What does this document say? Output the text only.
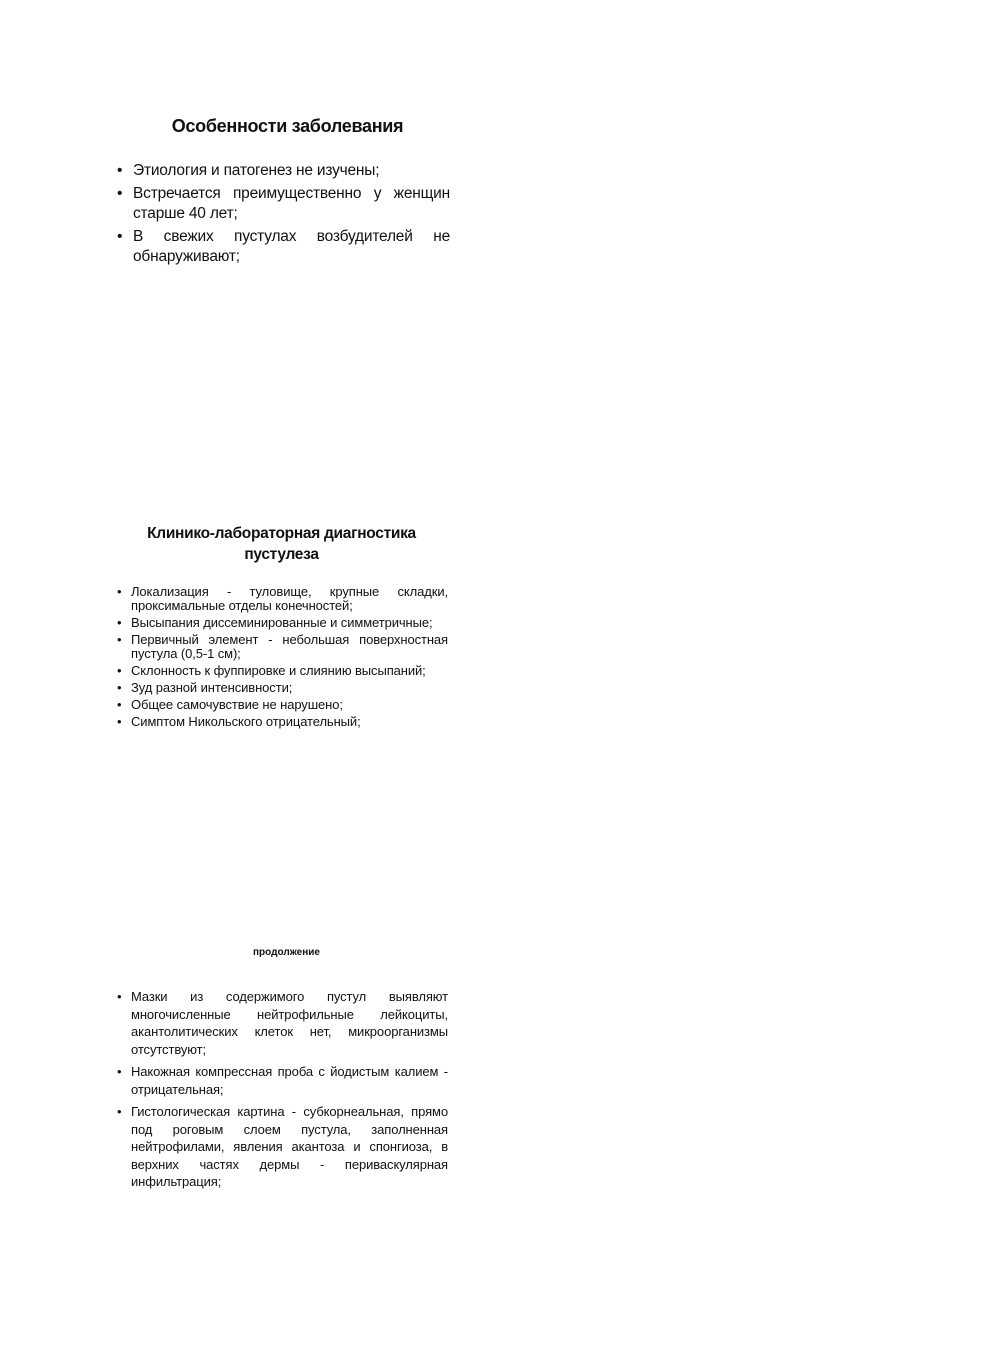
Особенности заболевания
• Этиология и патогенез не изучены;
• Встречается преимущественно у женщин старше 40 лет;
• В свежих пустулах возбудителей не обнаруживают;
Клинико-лабораторная диагностика пустулеза
• Локализация - туловище, крупные складки, проксимальные отделы конечностей;
• Высыпания диссеминированные и симметричные;
• Первичный элемент - небольшая поверхностная пустула (0,5-1 см);
• Склонность к фуппировке и слиянию высыпаний;
• Зуд разной интенсивности;
• Общее самочувствие не нарушено;
• Симптом Никольского отрицательный;

продолжение

• Мазки из содержимого пустул выявляют многочисленные нейтрофильные лейкоциты, акантолитических клеток нет, микроорганизмы отсутствуют;
• Накожная компрессная проба с йодистым калием - отрицательная;
• Гистологическая картина - субкорнеальная, прямо под роговым слоем пустула, заполненная нейтрофилами, явления акантоза и спонгиоза, в верхних частях дермы - периваскулярная инфильтрация;
